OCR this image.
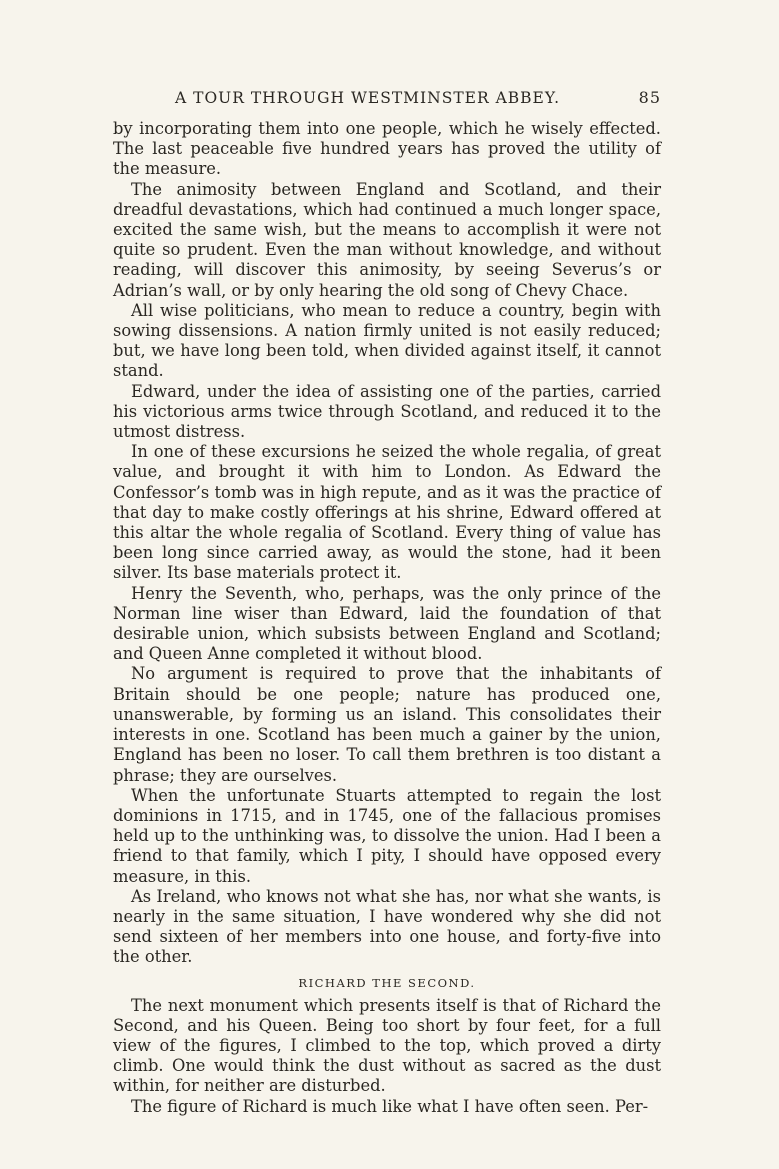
A TOUR THROUGH WESTMINSTER ABBEY.	85

by incorporating them into one people, which he wisely effected. The last peaceable five hundred years has proved the utility of the measure.

The animosity between England and Scotland, and their dreadful devastations, which had continued a much longer space, excited the same wish, but the means to accomplish it were not quite so prudent. Even the man without knowledge, and without reading, will discover this animosity, by seeing Severus’s or Adrian’s wall, or by only hearing the old song of Chevy Chace.

All wise politicians, who mean to reduce a country, begin with sowing dissensions. A nation firmly united is not easily reduced; but, we have long been told, when divided against itself, it cannot stand.

Edward, under the idea of assisting one of the parties, carried his victorious arms twice through Scotland, and reduced it to the utmost distress.

In one of these excursions he seized the whole regalia, of great value, and brought it with him to London. As Edward the Confessor’s tomb was in high repute, and as it was the practice of that day to make costly offerings at his shrine, Edward offered at this altar the whole regalia of Scotland. Every thing of value has been long since carried away, as would the stone, had it been silver. Its base materials protect it.

Henry the Seventh, who, perhaps, was the only prince of the Norman line wiser than Edward, laid the foundation of that desirable union, which subsists between England and Scotland; and Queen Anne completed it without blood.

No argument is required to prove that the inhabitants of Britain should be one people; nature has produced one, unanswerable, by forming us an island. This consolidates their interests in one. Scotland has been much a gainer by the union, England has been no loser. To call them brethren is too distant a phrase; they are ourselves.

When the unfortunate Stuarts attempted to regain the lost dominions in 1715, and in 1745, one of the fallacious promises held up to the unthinking was, to dissolve the union. Had I been a friend to that family, which I pity, I should have opposed every measure, in this.

As Ireland, who knows not what she has, nor what she wants, is nearly in the same situation, I have wondered why she did not send sixteen of her members into one house, and forty-five into the other.

RICHARD THE SECOND.

The next monument which presents itself is that of Richard the Second, and his Queen. Being too short by four feet, for a full view of the figures, I climbed to the top, which proved a dirty climb. One would think the dust without as sacred as the dust within, for neither are disturbed.

The figure of Richard is much like what I have often seen. Per-
